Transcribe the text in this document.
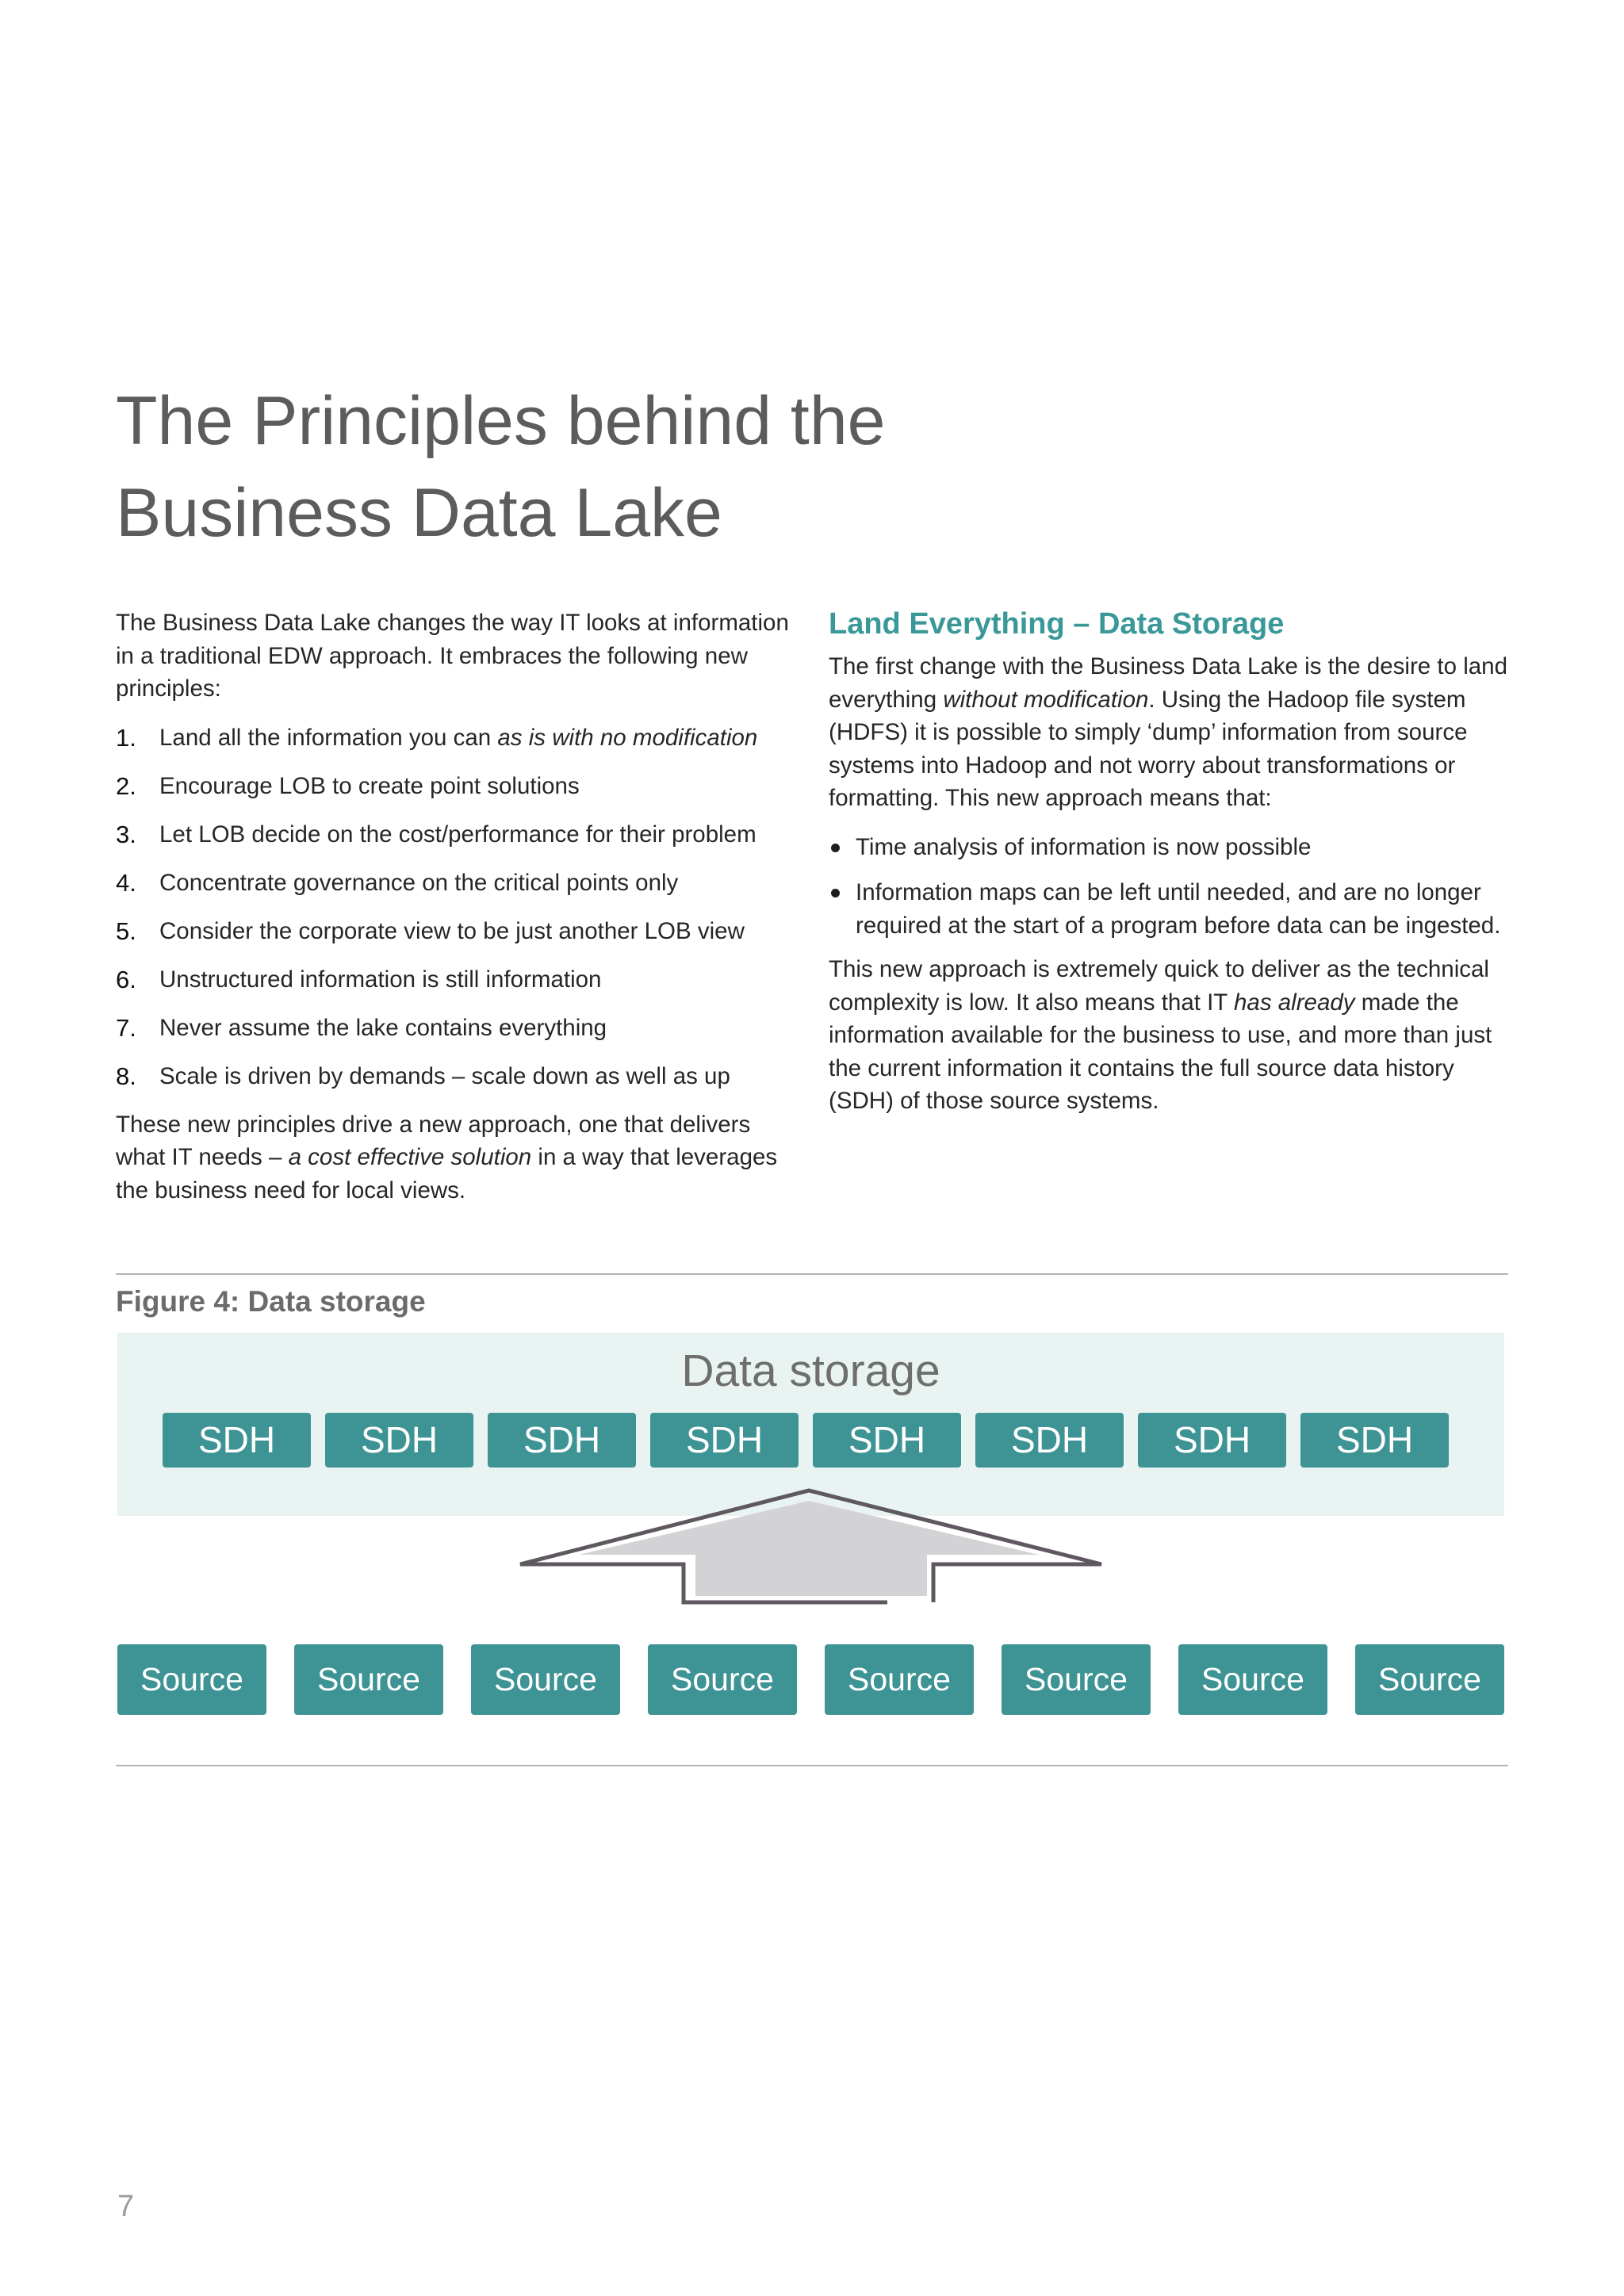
The Principles behind the
Business Data Lake

The Business Data Lake changes the way IT looks at information in a traditional EDW approach. It embraces the following new principles:

1. Land all the information you can as is with no modification
2. Encourage LOB to create point solutions
3. Let LOB decide on the cost/performance for their problem
4. Concentrate governance on the critical points only
5. Consider the corporate view to be just another LOB view
6. Unstructured information is still information
7. Never assume the lake contains everything
8. Scale is driven by demands – scale down as well as up

These new principles drive a new approach, one that delivers what IT needs – a cost effective solution in a way that leverages the business need for local views.

Land Everything – Data Storage

The first change with the Business Data Lake is the desire to land everything without modification. Using the Hadoop file system (HDFS) it is possible to simply ‘dump’ information from source systems into Hadoop and not worry about transformations or formatting. This new approach means that:

Time analysis of information is now possible
Information maps can be left until needed, and are no longer required at the start of a program before data can be ingested.

This new approach is extremely quick to deliver as the technical complexity is low. It also means that IT has already made the information available for the business to use, and more than just the current information it contains the full source data history (SDH) of those source systems.

Figure 4: Data storage
Data storage
SDH	SDH	SDH	SDH	SDH	SDH	SDH	SDH
Source	Source	Source	Source	Source	Source	Source	Source
7
